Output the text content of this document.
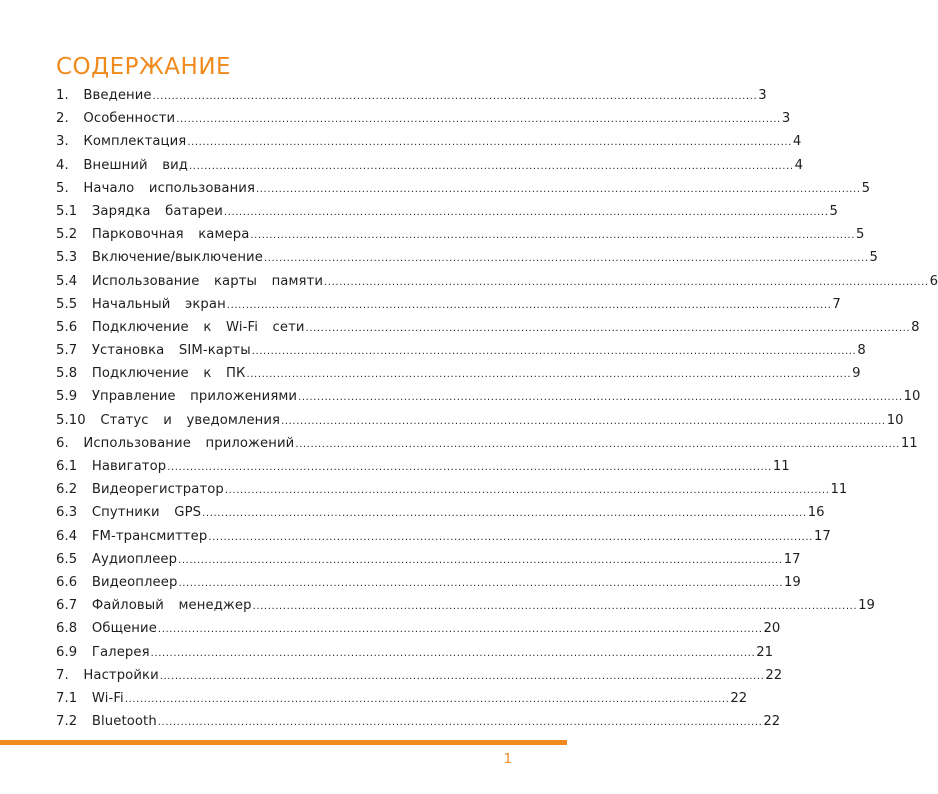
СОДЕРЖАНИЕ
1.  Введение ................................................................................................................................................................ 3
2.  Особенности ................................................................................................................................................................ 3
3.  Комплектация ................................................................................................................................................................ 4
4.  Внешний  вид ................................................................................................................................................................ 4
5.  Начало  использования ................................................................................................................................................................ 5
5.1  Зарядка  батареи ................................................................................................................................................................ 5
5.2  Парковочная  камера ................................................................................................................................................................ 5
5.3  Включение/выключение ................................................................................................................................................................ 5
5.4  Использование  карты  памяти ................................................................................................................................................................ 6
5.5  Начальный  экран ................................................................................................................................................................ 7
5.6  Подключение  к  Wi-Fi  сети ................................................................................................................................................................ 8
5.7  Установка  SIM-карты ................................................................................................................................................................ 8
5.8  Подключение  к  ПК ................................................................................................................................................................ 9
5.9  Управление  приложениями ................................................................................................................................................................ 10
5.10  Статус  и  уведомления ................................................................................................................................................................ 10
6.  Использование  приложений ................................................................................................................................................................ 11
6.1  Навигатор ................................................................................................................................................................ 11
6.2  Видеорегистратор ................................................................................................................................................................ 11
6.3  Спутники  GPS ................................................................................................................................................................ 16
6.4  FM-трансмиттер ................................................................................................................................................................ 17
6.5  Аудиоплеер ................................................................................................................................................................ 17
6.6  Видеоплеер ................................................................................................................................................................ 19
6.7  Файловый  менеджер ................................................................................................................................................................ 19
6.8  Общение ................................................................................................................................................................ 20
6.9  Галерея ................................................................................................................................................................ 21
7.  Настройки ................................................................................................................................................................ 22
7.1  Wi-Fi ................................................................................................................................................................ 22
7.2  Bluetooth ................................................................................................................................................................ 22
1
